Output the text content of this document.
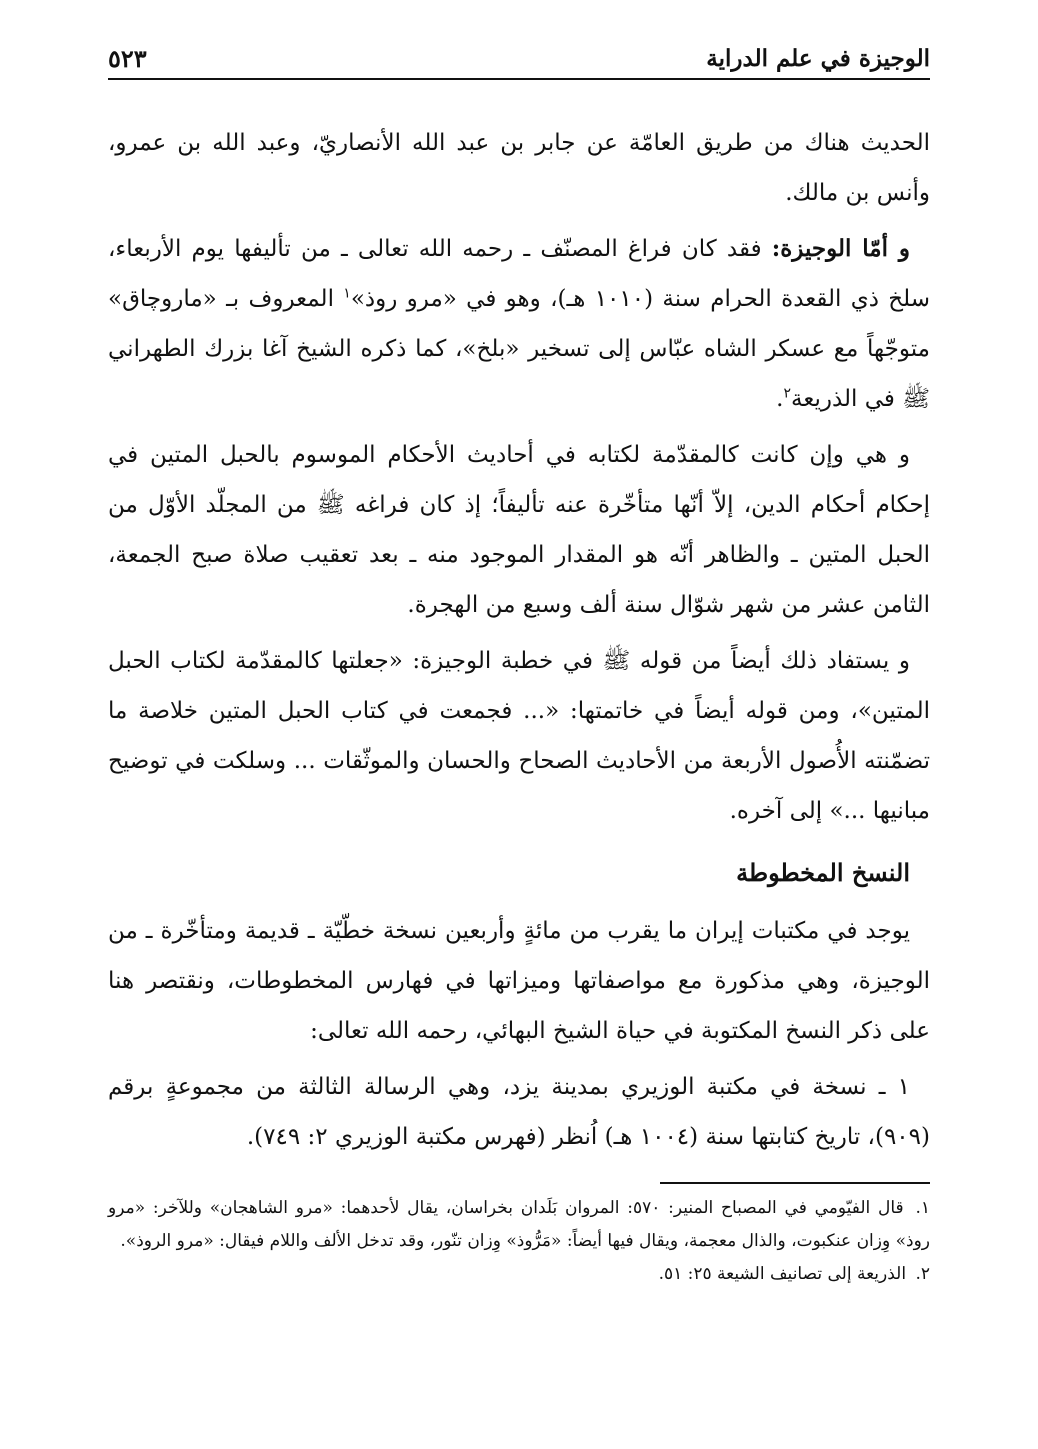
الوجيزة في علم الدراية
٥٢٣

الحديث هناك من طريق العامّة عن جابر بن عبد الله الأنصاريّ، وعبد الله بن عمرو، وأنس بن مالك.

و أمّا الوجيزة: فقد كان فراغ المصنّف ـ رحمه الله تعالى ـ من تأليفها يوم الأربعاء، سلخ ذي القعدة الحرام سنة (١٠١٠ هـ)، وهو في «مرو روذ»$^١$ المعروف بـ «ماروچاق» متوجّهاً مع عسكر الشاه عبّاس إلى تسخير «بلخ»، كما ذكره الشيخ آغا بزرك الطهراني ﷺ في الذريعة$^٢$.

و هي وإن كانت كالمقدّمة لكتابه في أحاديث الأحكام الموسوم بالحبل المتين في إحكام أحكام الدين، إلاّ أنّها متأخّرة عنه تأليفاً؛ إذ كان فراغه ﷺ من المجلّد الأوّل من الحبل المتين ـ والظاهر أنّه هو المقدار الموجود منه ـ بعد تعقيب صلاة صبح الجمعة، الثامن عشر من شهر شوّال سنة ألف وسبع من الهجرة.

و يستفاد ذلك أيضاً من قوله ﷺ في خطبة الوجيزة: «جعلتها كالمقدّمة لكتاب الحبل المتين»، ومن قوله أيضاً في خاتمتها: «... فجمعت في كتاب الحبل المتين خلاصة ما تضمّنته الأُصول الأربعة من الأحاديث الصحاح والحسان والموثّقات ... وسلكت في توضيح مبانيها ...» إلى آخره.

النسخ المخطوطة

يوجد في مكتبات إيران ما يقرب من مائةٍ وأربعين نسخة خطّيّة ـ قديمة ومتأخّرة ـ من الوجيزة، وهي مذكورة مع مواصفاتها وميزاتها في فهارس المخطوطات، ونقتصر هنا على ذكر النسخ المكتوبة في حياة الشيخ البهائي، رحمه الله تعالى:

١ ـ نسخة في مكتبة الوزيري بمدينة يزد، وهي الرسالة الثالثة من مجموعةٍ برقم (٩٠٩)، تاريخ كتابتها سنة (١٠٠٤ هـ) اُنظر (فهرس مكتبة الوزيري ٢: ٧٤٩).

١. قال الفيّومي في المصباح المنير: ٥٧٠: المروان بَلَدان بخراسان، يقال لأحدهما: «مرو الشاهجان» وللآخر: «مرو روذ» وِزان عنكبوت، والذال معجمة، ويقال فيها أيضاً: «مَرُّوذ» وِزان تنّور، وقد تدخل الألف واللام فيقال: «مرو الروذ».

٢. الذريعة إلى تصانيف الشيعة ٢٥: ٥١.
